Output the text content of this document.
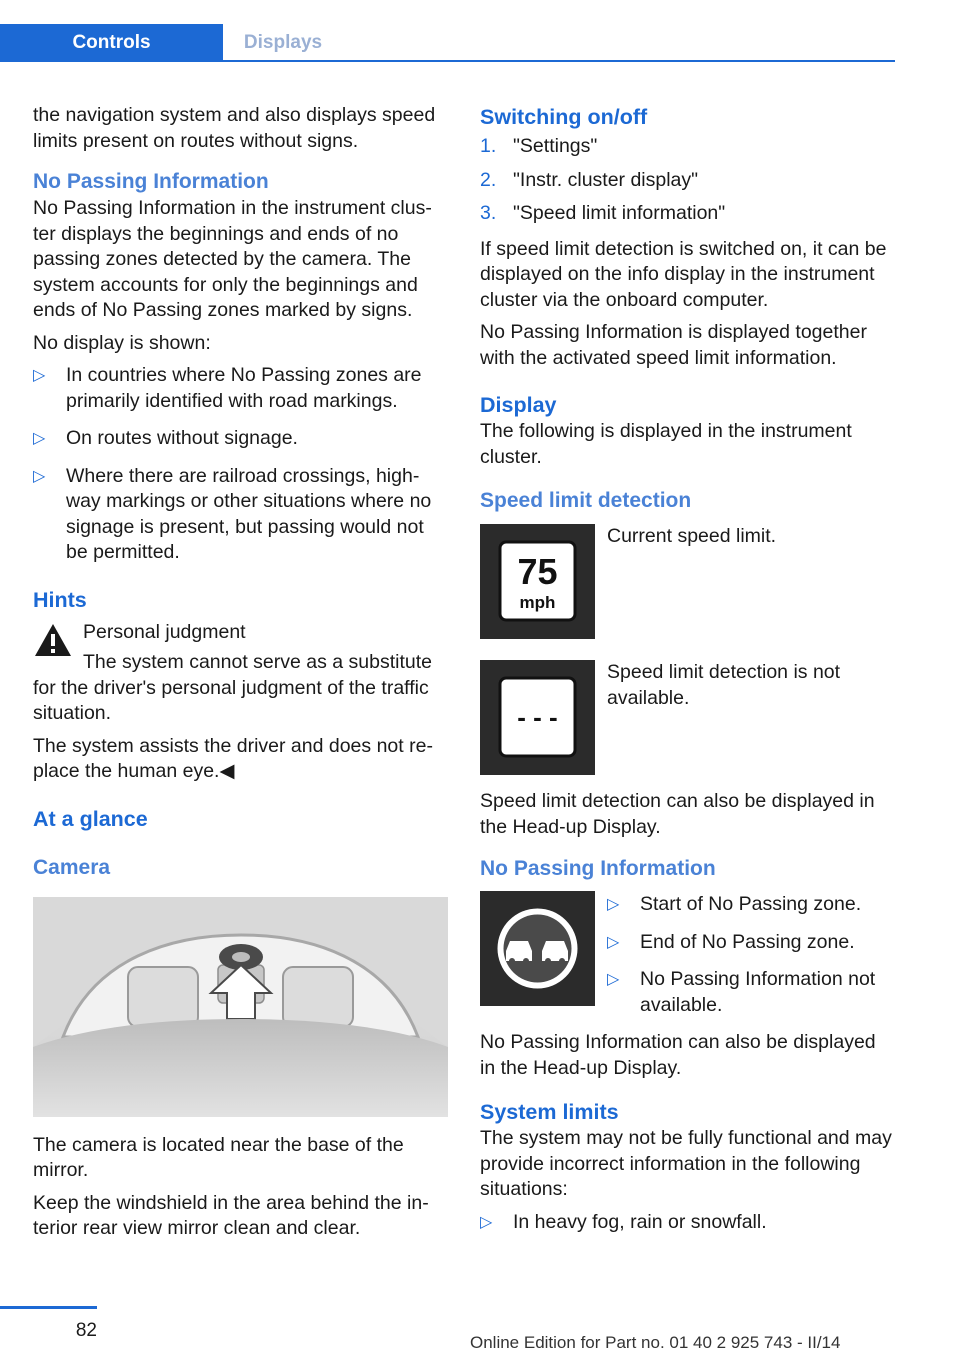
Controls	Displays

the navigation system and also displays speed limits present on routes without signs.

No Passing Information

No Passing Information in the instrument cluster displays the beginnings and ends of no passing zones detected by the camera. The system accounts for only the beginnings and ends of No Passing zones marked by signs.

No display is shown:

▷ In countries where No Passing zones are primarily identified with road markings.
▷ On routes without signage.
▷ Where there are railroad crossings, highway markings or other situations where no signage is present, but passing would not be permitted.
Hints

Personal judgment

The system cannot serve as a substitute for the driver's personal judgment of the traffic situation.

The system assists the driver and does not replace the human eye.◀

At a glance
Camera

The camera is located near the base of the mirror.

Keep the windshield in the area behind the interior rear view mirror clean and clear.

Switching on/off
1. "Settings"
2. "Instr. cluster display"
3. "Speed limit information"

If speed limit detection is switched on, it can be displayed on the info display in the instrument cluster via the onboard computer.

No Passing Information is displayed together with the activated speed limit information.

Display

The following is displayed in the instrument cluster.

Speed limit detection
75
mph

Current speed limit.

- - -

Speed limit detection is not available.

Speed limit detection can also be displayed in the Head-up Display.

No Passing Information
▷ Start of No Passing zone.
▷ End of No Passing zone.
▷ No Passing Information not available.

No Passing Information can also be displayed in the Head-up Display.

System limits

The system may not be fully functional and may provide incorrect information in the following situations:

▷ In heavy fog, rain or snowfall.
82
Online Edition for Part no. 01 40 2 925 743 - II/14
